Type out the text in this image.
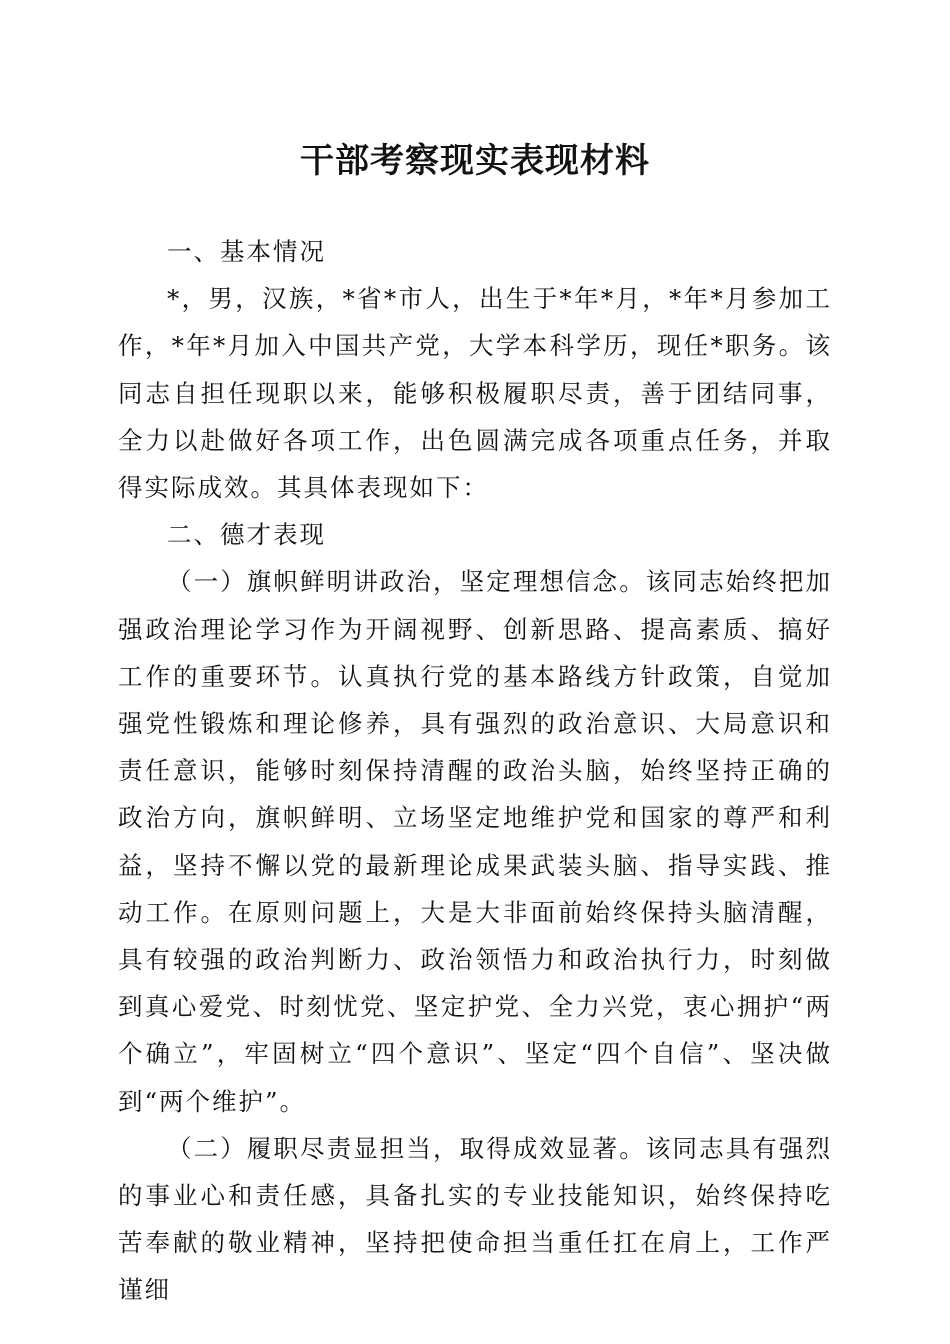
干部考察现实表现材料

一、基本情况

*，男，汉族，*省*市人，出生于*年*月，*年*月参加工作，*年*月加入中国共产党，大学本科学历，现任*职务。该同志自担任现职以来，能够积极履职尽责，善于团结同事，全力以赴做好各项工作，出色圆满完成各项重点任务，并取得实际成效。其具体表现如下：

二、德才表现

（一）旗帜鲜明讲政治，坚定理想信念。该同志始终把加强政治理论学习作为开阔视野、创新思路、提高素质、搞好工作的重要环节。认真执行党的基本路线方针政策，自觉加强党性锻炼和理论修养，具有强烈的政治意识、大局意识和责任意识，能够时刻保持清醒的政治头脑，始终坚持正确的政治方向，旗帜鲜明、立场坚定地维护党和国家的尊严和利益，坚持不懈以党的最新理论成果武装头脑、指导实践、推动工作。在原则问题上，大是大非面前始终保持头脑清醒，具有较强的政治判断力、政治领悟力和政治执行力，时刻做到真心爱党、时刻忧党、坚定护党、全力兴党，衷心拥护“两个确立”，牢固树立“四个意识”、坚定“四个自信”、坚决做到“两个维护”。

（二）履职尽责显担当，取得成效显著。该同志具有强烈的事业心和责任感，具备扎实的专业技能知识，始终保持吃苦奉献的敬业精神，坚持把使命担当重任扛在肩上，工作严谨细
